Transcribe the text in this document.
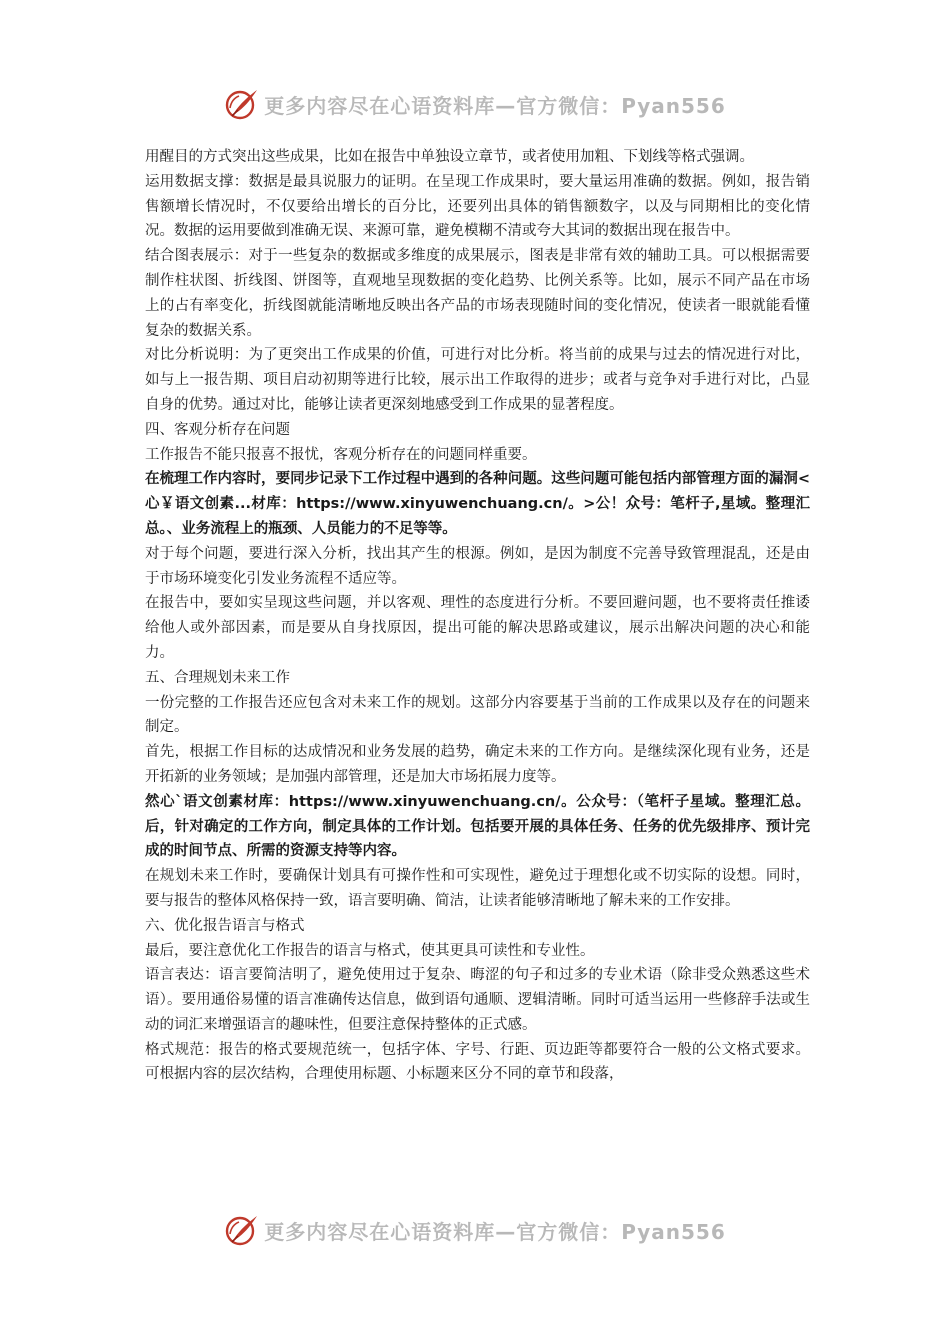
更多内容尽在心语资料库—官方微信：Pyan556

用醒目的方式突出这些成果，比如在报告中单独设立章节，或者使用加粗、下划线等格式强调。

运用数据支撑：数据是最具说服力的证明。在呈现工作成果时，要大量运用准确的数据。例如，报告销售额增长情况时，不仅要给出增长的百分比，还要列出具体的销售额数字，以及与同期相比的变化情况。数据的运用要做到准确无误、来源可靠，避免模糊不清或夸大其词的数据出现在报告中。

结合图表展示：对于一些复杂的数据或多维度的成果展示，图表是非常有效的辅助工具。可以根据需要制作柱状图、折线图、饼图等，直观地呈现数据的变化趋势、比例关系等。比如，展示不同产品在市场上的占有率变化，折线图就能清晰地反映出各产品的市场表现随时间的变化情况，使读者一眼就能看懂复杂的数据关系。

对比分析说明：为了更突出工作成果的价值，可进行对比分析。将当前的成果与过去的情况进行对比，如与上一报告期、项目启动初期等进行比较，展示出工作取得的进步；或者与竞争对手进行对比，凸显自身的优势。通过对比，能够让读者更深刻地感受到工作成果的显著程度。

四、客观分析存在问题

工作报告不能只报喜不报忧，客观分析存在的问题同样重要。

在梳理工作内容时，要同步记录下工作过程中遇到的各种问题。这些问题可能包括内部管理方面的漏洞<心￥语文创素...材库：https://www.xinyuwenchuang.cn/。>公！众号：笔杆子,星域。整理汇总。、业务流程上的瓶颈、人员能力的不足等等。

对于每个问题，要进行深入分析，找出其产生的根源。例如，是因为制度不完善导致管理混乱，还是由于市场环境变化引发业务流程不适应等。

在报告中，要如实呈现这些问题，并以客观、理性的态度进行分析。不要回避问题，也不要将责任推诿给他人或外部因素，而是要从自身找原因，提出可能的解决思路或建议，展示出解决问题的决心和能力。

五、合理规划未来工作

一份完整的工作报告还应包含对未来工作的规划。这部分内容要基于当前的工作成果以及存在的问题来制定。

首先，根据工作目标的达成情况和业务发展的趋势，确定未来的工作方向。是继续深化现有业务，还是开拓新的业务领域；是加强内部管理，还是加大市场拓展力度等。

然心`语文创素材库：https://www.xinyuwenchuang.cn/。公众号：（笔杆子星域。整理汇总。后，针对确定的工作方向，制定具体的工作计划。包括要开展的具体任务、任务的优先级排序、预计完成的时间节点、所需的资源支持等内容。

在规划未来工作时，要确保计划具有可操作性和可实现性，避免过于理想化或不切实际的设想。同时，要与报告的整体风格保持一致，语言要明确、简洁，让读者能够清晰地了解未来的工作安排。

六、优化报告语言与格式

最后，要注意优化工作报告的语言与格式，使其更具可读性和专业性。

语言表达：语言要简洁明了，避免使用过于复杂、晦涩的句子和过多的专业术语（除非受众熟悉这些术语）。要用通俗易懂的语言准确传达信息，做到语句通顺、逻辑清晰。同时可适当运用一些修辞手法或生动的词汇来增强语言的趣味性，但要注意保持整体的正式感。

格式规范：报告的格式要规范统一，包括字体、字号、行距、页边距等都要符合一般的公文格式要求。可根据内容的层次结构，合理使用标题、小标题来区分不同的章节和段落，

更多内容尽在心语资料库—官方微信：Pyan556
